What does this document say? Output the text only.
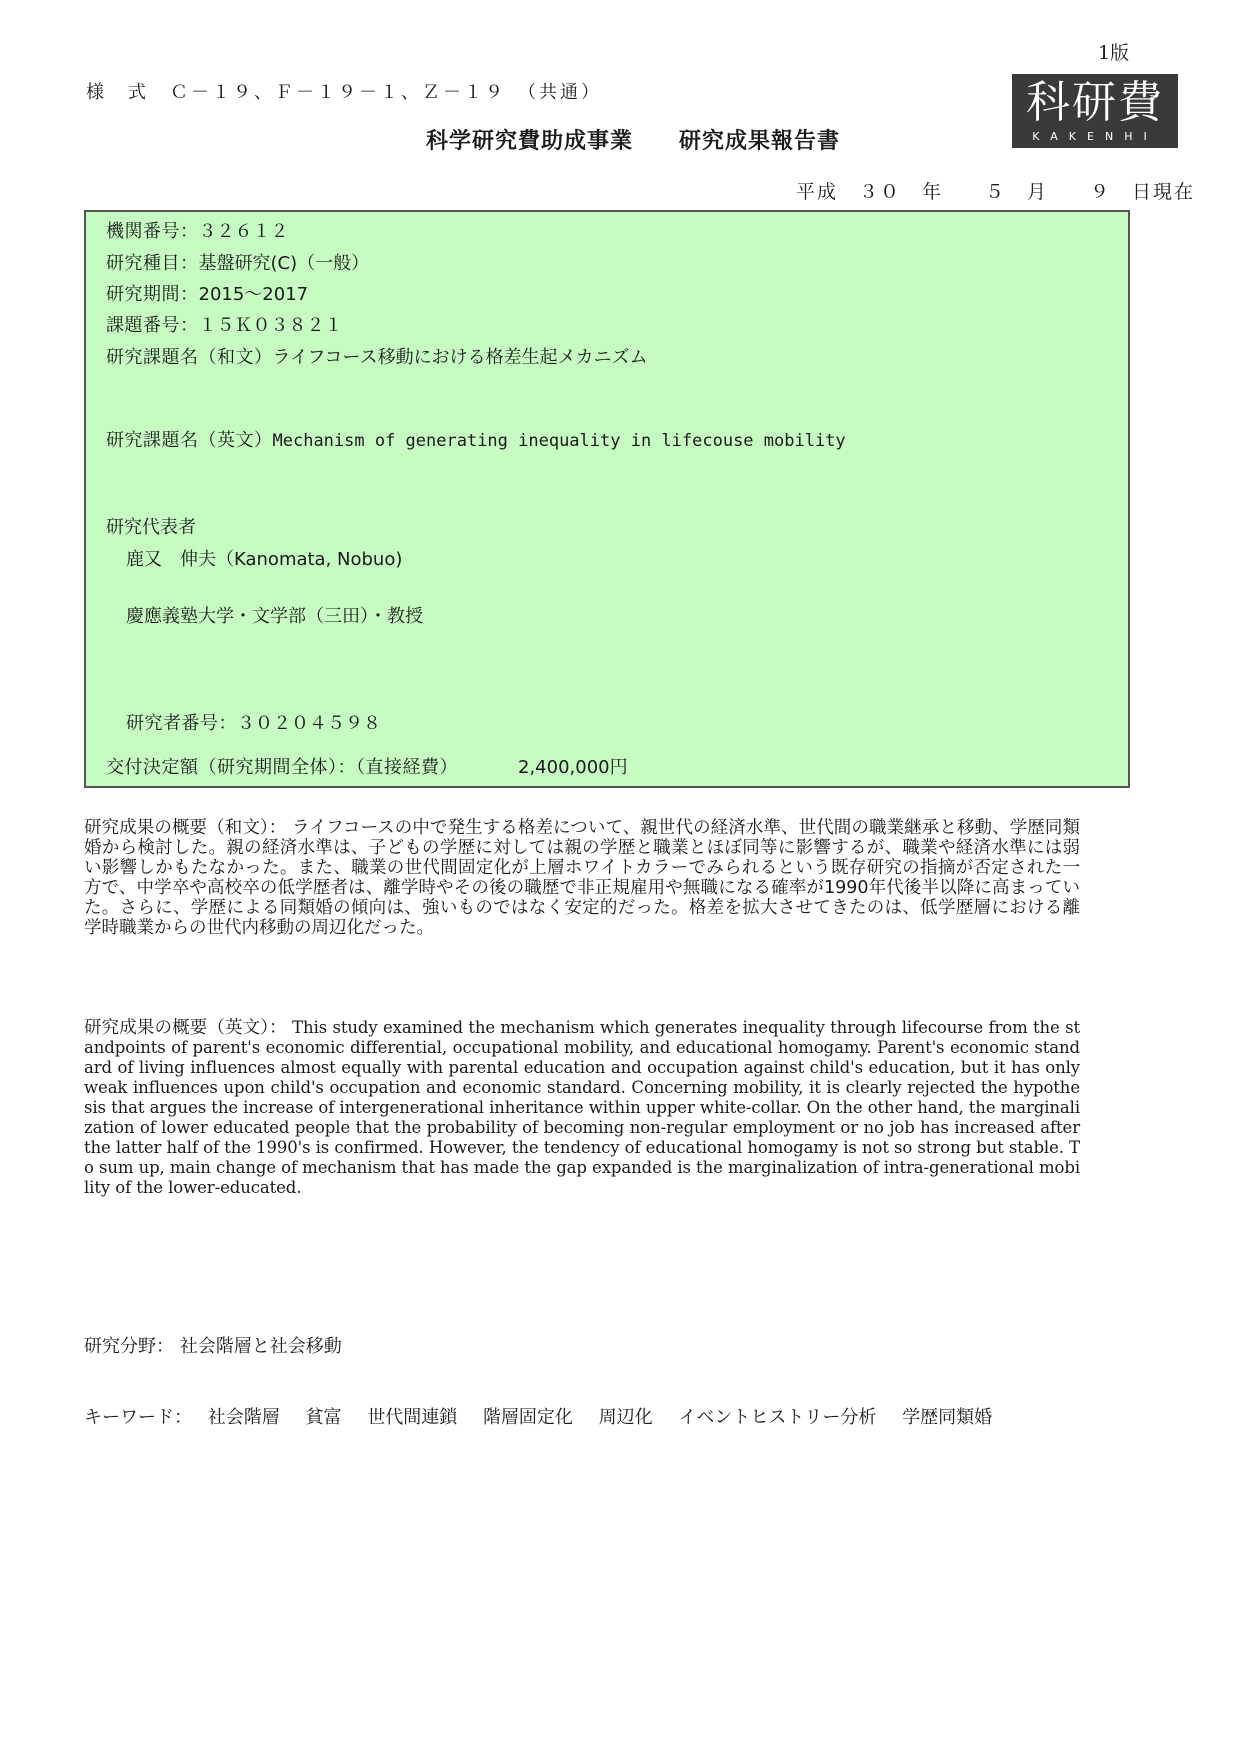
1版
様　式　Ｃ－１９、Ｆ－１９－１、Ｚ－１９　（共通）	科研費
KAKENHI
科学研究費助成事業 研究成果報告書
平成　３０　年　　５　月　　９　日現在
機関番号：３２６１２
研究種目：基盤研究(C)（一般）
研究期間：2015～2017
課題番号：１５Ｋ０３８２１
研究課題名（和文）ライフコース移動における格差生起メカニズム
研究課題名（英文）Mechanism of generating inequality in lifecouse mobility
研究代表者
鹿又　伸夫（Kanomata, Nobuo)
慶應義塾大学・文学部（三田）・教授
研究者番号：３０２０４５９８
交付決定額（研究期間全体）：（直接経費）	2,400,000円
研究成果の概要（和文）： ライフコースの中で発生する格差について、親世代の経済水準、世代間の職業継承と移動、学歴同類婚から検討した。親の経済水準は、子どもの学歴に対しては親の学歴と職業とほぼ同等に影響するが、職業や経済水準には弱い影響しかもたなかった。また、職業の世代間固定化が上層ホワイトカラーでみられるという既存研究の指摘が否定された一方で、中学卒や高校卒の低学歴者は、離学時やその後の職歴で非正規雇用や無職になる確率が1990年代後半以降に高まっていた。さらに、学歴による同類婚の傾向は、強いものではなく安定的だった。格差を拡大させてきたのは、低学歴層における離学時職業からの世代内移動の周辺化だった。
研究成果の概要（英文）： This study examined the mechanism which generates inequality through lifecourse from the standpoints of parent's economic differential, occupational mobility, and educational homogamy. Parent's economic standard of living influences almost equally with parental education and occupation against child's education, but it has only weak influences upon child's occupation and economic standard. Concerning mobility, it is clearly rejected the hypothesis that argues the increase of intergenerational inheritance within upper white-collar. On the other hand, the marginalization of lower educated people that the probability of becoming non-regular employment or no job has increased after the latter half of the 1990's is confirmed. However, the tendency of educational homogamy is not so strong but stable. To sum up, main change of mechanism that has made the gap expanded is the marginalization of intra-generational mobility of the lower-educated.
研究分野： 社会階層と社会移動
キーワード： 社会階層 貧富 世代間連鎖 階層固定化 周辺化 イベントヒストリー分析 学歴同類婚
